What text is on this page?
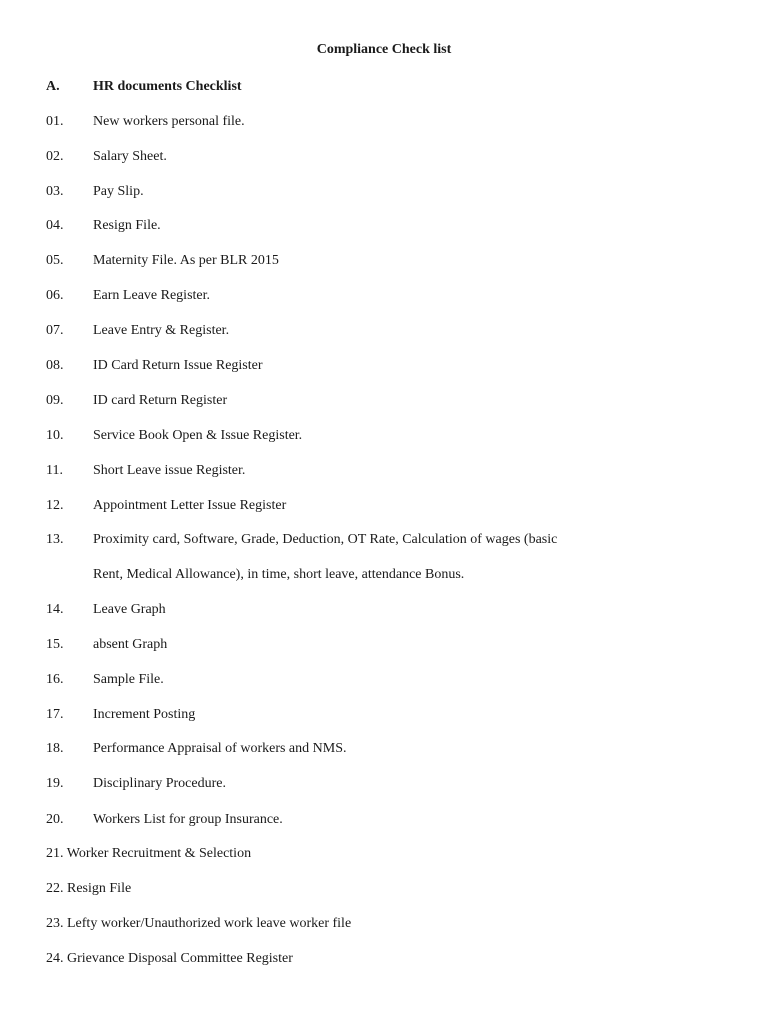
Compliance Check list
A. HR documents Checklist
01. New workers personal file.
02. Salary Sheet.
03. Pay Slip.
04. Resign File.
05. Maternity File. As per BLR 2015
06. Earn Leave Register.
07. Leave Entry & Register.
08. ID Card Return Issue Register
09. ID card Return Register
10. Service Book Open & Issue Register.
11. Short Leave issue Register.
12. Appointment Letter Issue Register
13. Proximity card, Software, Grade, Deduction, OT Rate, Calculation of wages (basic
Rent, Medical Allowance), in time, short leave, attendance Bonus.
14. Leave Graph
15. absent Graph
16. Sample File.
17. Increment Posting
18. Performance Appraisal of workers and NMS.
19. Disciplinary Procedure.
20. Workers List for group Insurance.
21. Worker Recruitment & Selection
22. Resign File
23. Lefty worker/Unauthorized work leave worker file
24. Grievance Disposal Committee Register
